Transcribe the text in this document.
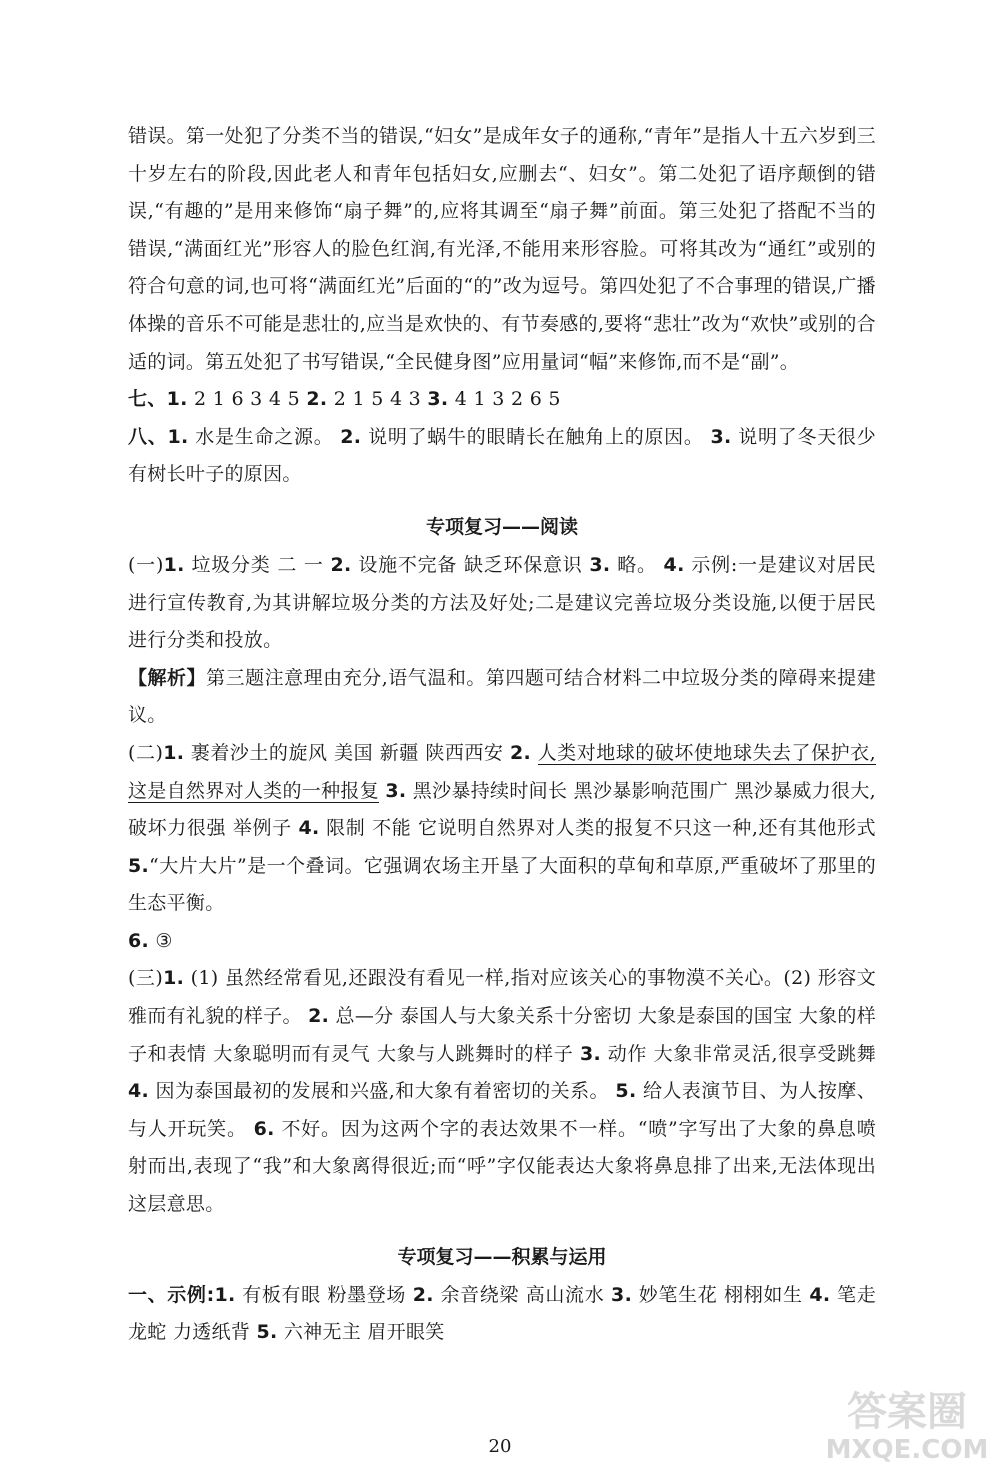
错误。第一处犯了分类不当的错误,“妇女”是成年女子的通称,“青年”是指人十五六岁到三十岁左右的阶段,因此老人和青年包括妇女,应删去“、妇女”。第二处犯了语序颠倒的错误,“有趣的”是用来修饰“扇子舞”的,应将其调至“扇子舞”前面。第三处犯了搭配不当的错误,“满面红光”形容人的脸色红润,有光泽,不能用来形容脸。可将其改为“通红”或别的符合句意的词,也可将“满面红光”后面的“的”改为逗号。第四处犯了不合事理的错误,广播体操的音乐不可能是悲壮的,应当是欢快的、有节奏感的,要将“悲壮”改为“欢快”或别的合适的词。第五处犯了书写错误,“全民健身图”应用量词“幅”来修饰,而不是“副”。

七、1. 2 1 6 3 4 5 2. 2 1 5 4 3 3. 4 1 3 2 6 5

八、1. 水是生命之源。 2. 说明了蜗牛的眼睛长在触角上的原因。 3. 说明了冬天很少有树长叶子的原因。

专项复习——阅读

(一)1. 垃圾分类 二 一 2. 设施不完备 缺乏环保意识 3. 略。 4. 示例:一是建议对居民进行宣传教育,为其讲解垃圾分类的方法及好处;二是建议完善垃圾分类设施,以便于居民进行分类和投放。

【解析】第三题注意理由充分,语气温和。第四题可结合材料二中垃圾分类的障碍来提建议。

(二)1. 裹着沙土的旋风 美国 新疆 陕西西安 2. 人类对地球的破坏使地球失去了保护衣,这是自然界对人类的一种报复 3. 黑沙暴持续时间长 黑沙暴影响范围广 黑沙暴威力很大,破坏力很强 举例子 4. 限制 不能 它说明自然界对人类的报复不只这一种,还有其他形式 5.“大片大片”是一个叠词。它强调农场主开垦了大面积的草甸和草原,严重破坏了那里的生态平衡。

6. ③

(三)1. (1) 虽然经常看见,还跟没有看见一样,指对应该关心的事物漠不关心。(2) 形容文雅而有礼貌的样子。 2. 总—分 泰国人与大象关系十分密切 大象是泰国的国宝 大象的样子和表情 大象聪明而有灵气 大象与人跳舞时的样子 3. 动作 大象非常灵活,很享受跳舞 4. 因为泰国最初的发展和兴盛,和大象有着密切的关系。 5. 给人表演节目、为人按摩、与人开玩笑。 6. 不好。因为这两个字的表达效果不一样。“喷”字写出了大象的鼻息喷射而出,表现了“我”和大象离得很近;而“呼”字仅能表达大象将鼻息排了出来,无法体现出这层意思。

专项复习——积累与运用

一、示例:1. 有板有眼 粉墨登场 2. 余音绕梁 高山流水 3. 妙笔生花 栩栩如生 4. 笔走龙蛇 力透纸背 5. 六神无主 眉开眼笑

20
答案圈
MXQE.COM
